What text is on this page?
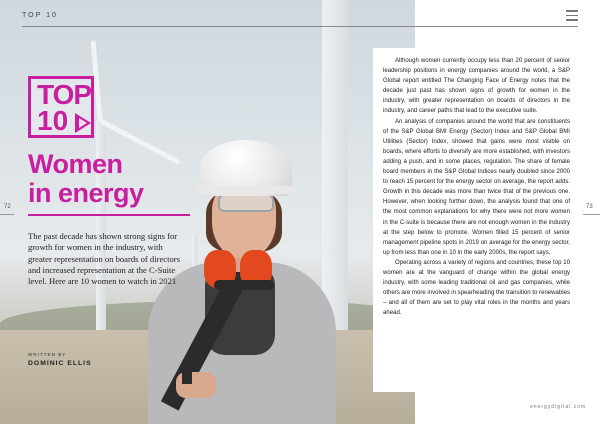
TOP 10
TOP
10
Women
in energy
The past decade has shown strong signs for growth for women in the industry, with greater representation on boards of directors and increased representation at the C-Suite level. Here are 10 women to watch in 2021
WRITTEN BY
DOMINIC ELLIS
72	73

Although women currently occupy less than 20 percent of senior leadership positions in energy companies around the world, a S&P Global report entitled The Changing Face of Energy notes that the decade just past has shown signs of growth for women in the industry, with greater representation on boards of directors in the industry, and career paths that lead to the executive suite.

An analysis of companies around the world that are constituents of the S&P Global BMI Energy (Sector) Index and S&P Global BMI Utilities (Sector) Index, showed that gains were most visible on boards, where efforts to diversify are more established, with investors adding a push, and in some places, regulation. The share of female board members in the S&P Global Indices nearly doubled since 2000 to reach 15 percent for the energy sector on average, the report adds. Growth in this decade was more than twice that of the previous one. However, when looking further down, the analysis found that one of the most common explanations for why there were not more women in the C-suite is because there are not enough women in the industry at the step below to promote. Women filled 15 percent of senior management pipeline spots in 2019 on average for the energy sector, up from less than one in 10 in the early 2000s, the report says.

Operating across a variety of regions and countries, these top 10 women are at the vanguard of change within the global energy industry, with some leading traditional oil and gas companies, while others are more involved in spearheading the transition to renewables – and all of them are set to play vital roles in the months and years ahead.

energydigital.com
